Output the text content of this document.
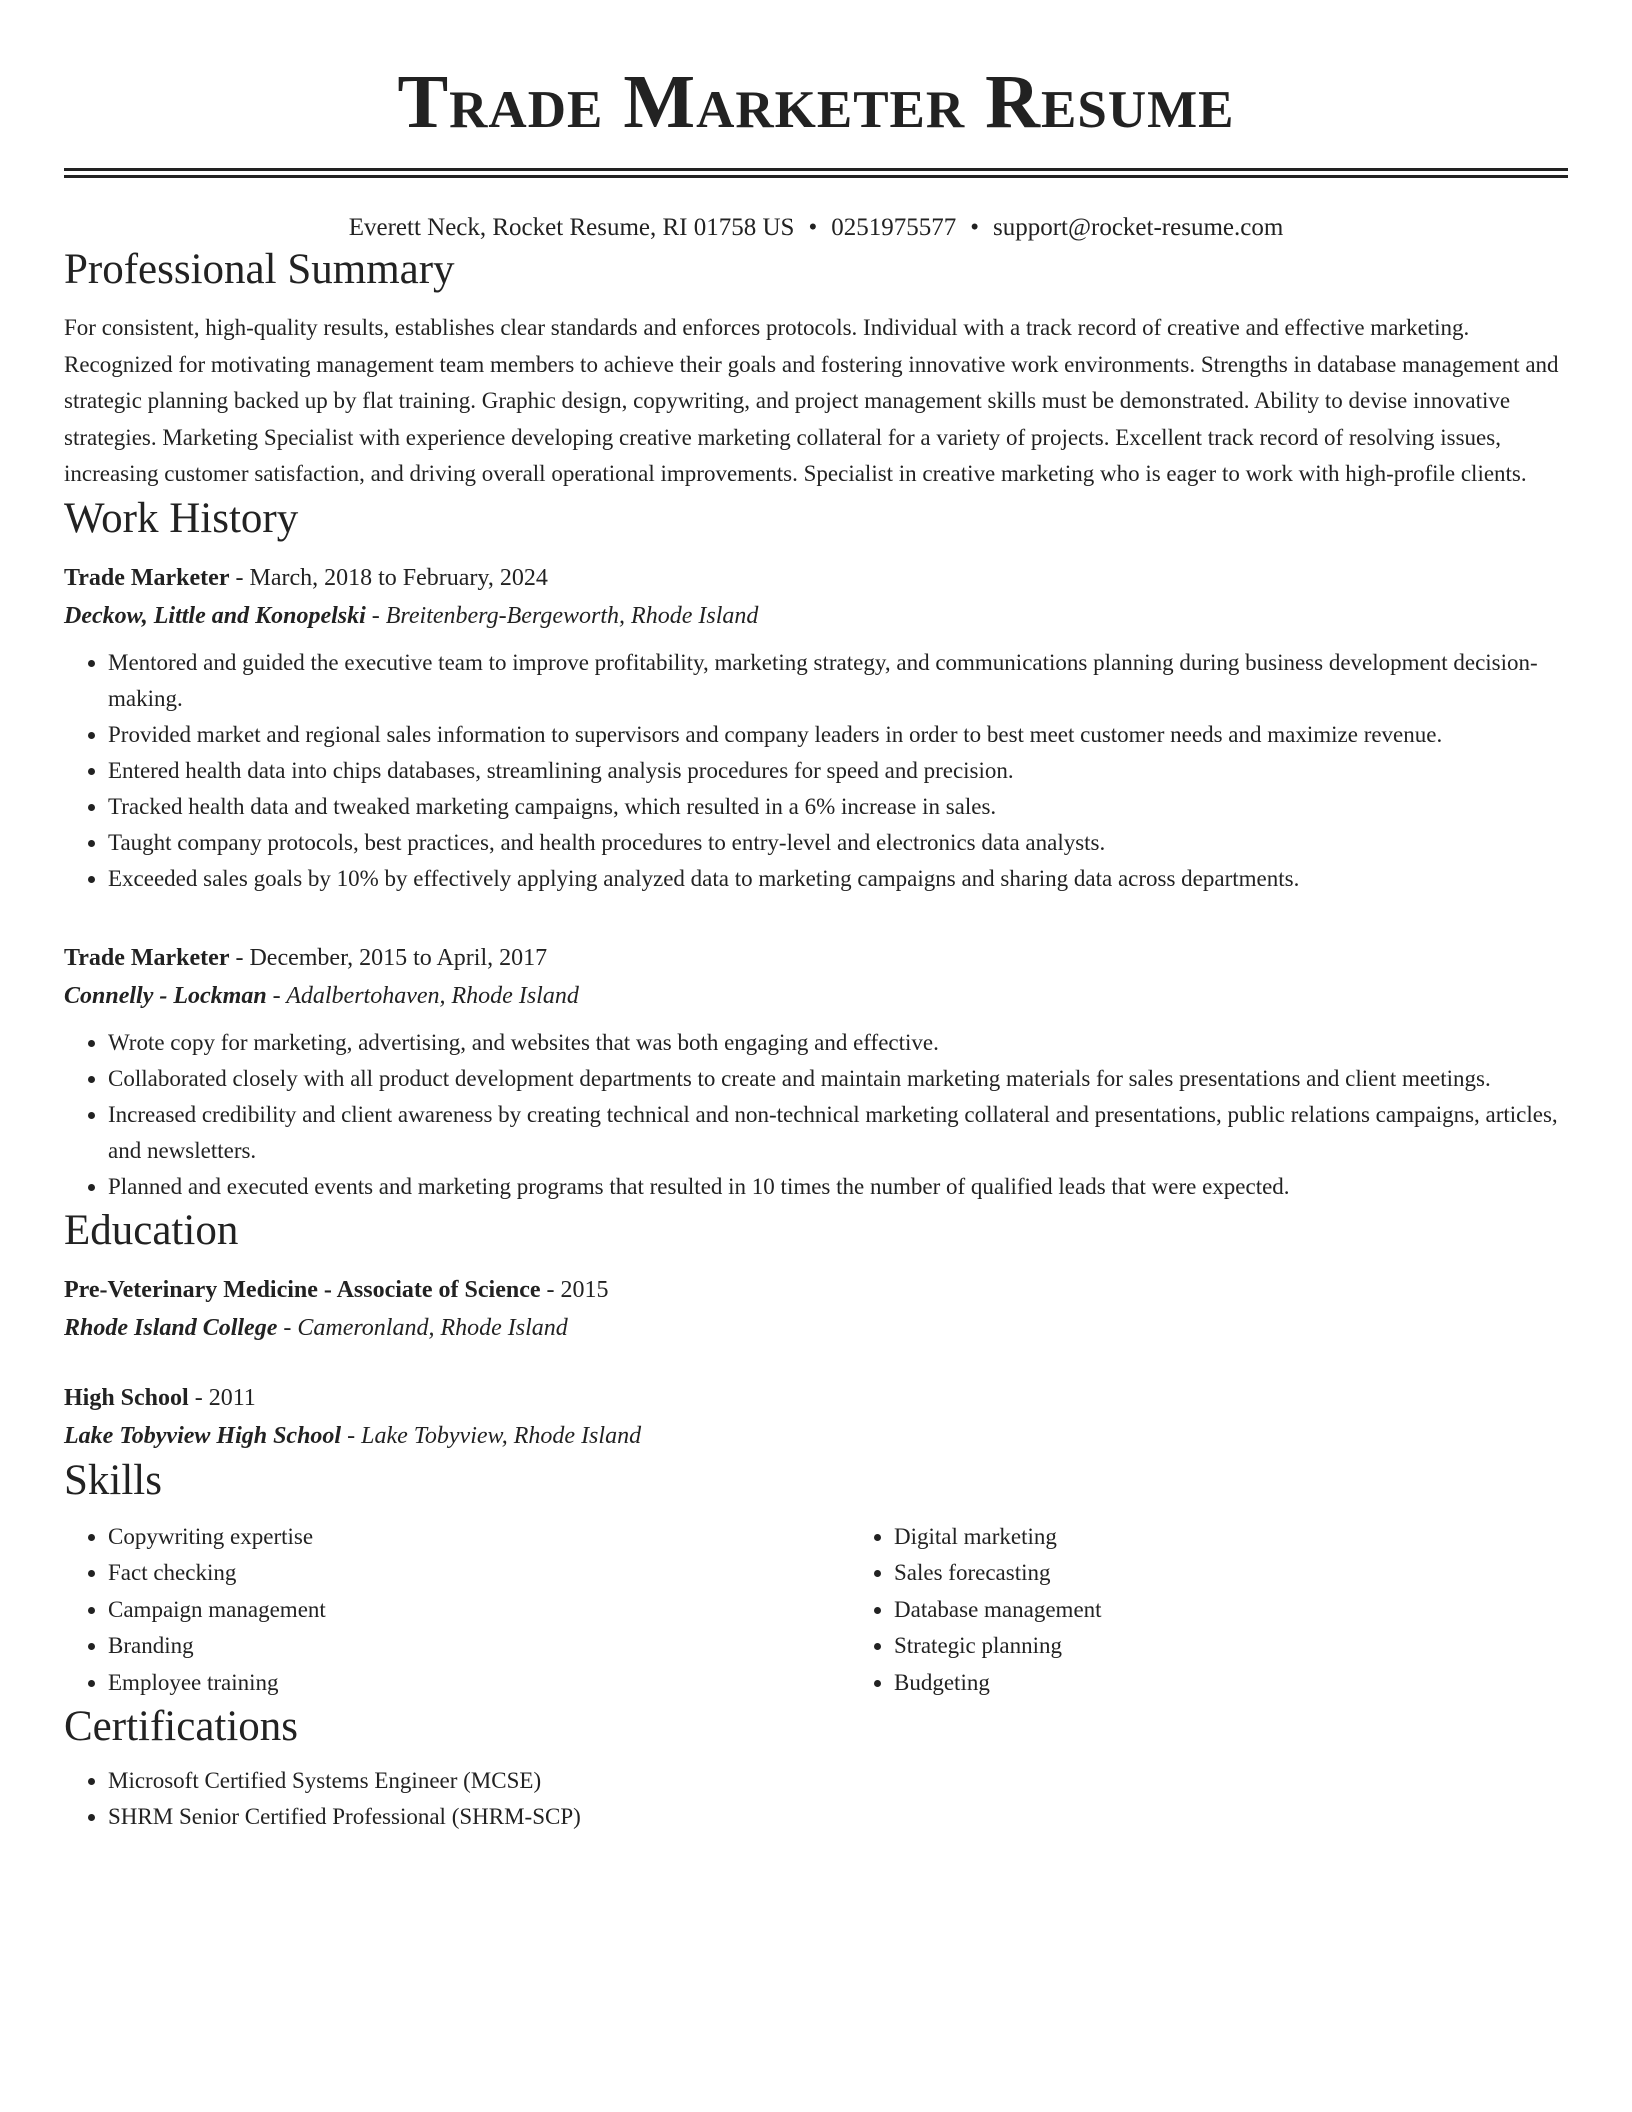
Trade Marketer Resume
Everett Neck, Rocket Resume, RI 01758 US • 0251975577 • support@rocket-resume.com
Professional Summary
For consistent, high-quality results, establishes clear standards and enforces protocols. Individual with a track record of creative and effective marketing. Recognized for motivating management team members to achieve their goals and fostering innovative work environments. Strengths in database management and strategic planning backed up by flat training. Graphic design, copywriting, and project management skills must be demonstrated. Ability to devise innovative strategies. Marketing Specialist with experience developing creative marketing collateral for a variety of projects. Excellent track record of resolving issues, increasing customer satisfaction, and driving overall operational improvements. Specialist in creative marketing who is eager to work with high-profile clients.
Work History
Trade Marketer - March, 2018 to February, 2024
Deckow, Little and Konopelski - Breitenberg-Bergeworth, Rhode Island
• Mentored and guided the executive team to improve profitability, marketing strategy, and communications planning during business development decision-making.
• Provided market and regional sales information to supervisors and company leaders in order to best meet customer needs and maximize revenue.
• Entered health data into chips databases, streamlining analysis procedures for speed and precision.
• Tracked health data and tweaked marketing campaigns, which resulted in a 6% increase in sales.
• Taught company protocols, best practices, and health procedures to entry-level and electronics data analysts.
• Exceeded sales goals by 10% by effectively applying analyzed data to marketing campaigns and sharing data across departments.
Trade Marketer - December, 2015 to April, 2017
Connelly - Lockman - Adalbertohaven, Rhode Island
• Wrote copy for marketing, advertising, and websites that was both engaging and effective.
• Collaborated closely with all product development departments to create and maintain marketing materials for sales presentations and client meetings.
• Increased credibility and client awareness by creating technical and non-technical marketing collateral and presentations, public relations campaigns, articles, and newsletters.
• Planned and executed events and marketing programs that resulted in 10 times the number of qualified leads that were expected.
Education
Pre-Veterinary Medicine - Associate of Science - 2015
Rhode Island College - Cameronland, Rhode Island
High School - 2011
Lake Tobyview High School - Lake Tobyview, Rhode Island
Skills
• Copywriting expertise
• Fact checking
• Campaign management
• Branding
• Employee training
• Digital marketing
• Sales forecasting
• Database management
• Strategic planning
• Budgeting
Certifications
• Microsoft Certified Systems Engineer (MCSE)
• SHRM Senior Certified Professional (SHRM-SCP)
